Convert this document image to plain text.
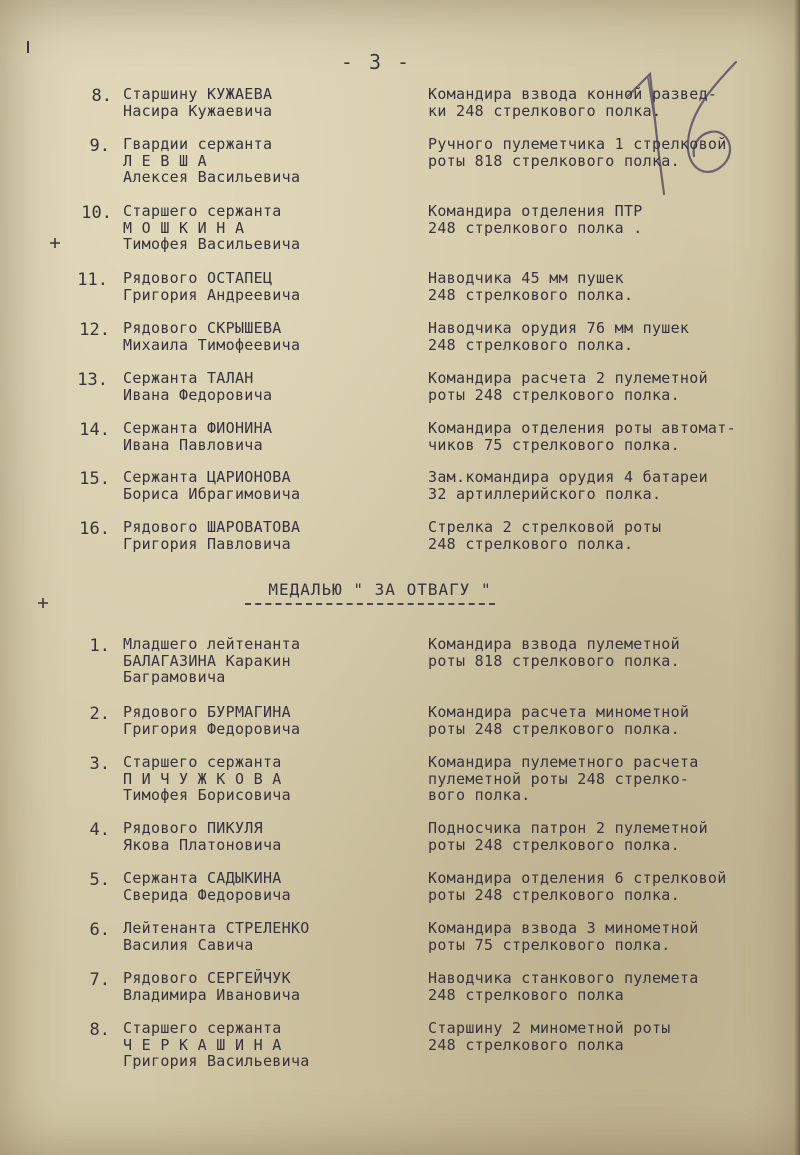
- 3 -
8. Старшину КУЖАЕВА
Насира Кужаевича
Командира взвода конной развед-
ки 248 стрелкового полка.
9. Гвардии сержанта
Л Е В Ш А
Алексея Васильевича
Ручного пулеметчика 1 стрелковой
роты 818 стрелкового полка.
10. Старшего сержанта
М О Ш К И Н А
Тимофея Васильевича
Командира отделения ПТР
248 стрелкового полка .
11. Рядового ОСТАПЕЦ
Григория Андреевича
Наводчика 45 мм пушек
248 стрелкового полка.
12. Рядового СКРЫШЕВА
Михаила Тимофеевича
Наводчика орудия 76 мм пушек
248 стрелкового полка.
13. Сержанта ТАЛАН
Ивана Федоровича
Командира расчета 2 пулеметной
роты 248 стрелкового полка.
14. Сержанта ФИОНИНА
Ивана Павловича
Командира отделения роты автомат-
чиков 75 стрелкового полка.
15. Сержанта ЦАРИОНОВА
Бориса Ибрагимовича
Зам.командира орудия 4 батареи
32 артиллерийского полка.
16. Рядового ШАРОВАТОВА
Григория Павловича
Стрелка 2 стрелковой роты
248 стрелкового полка.
МЕДАЛЬЮ " ЗА ОТВАГУ "
1. Младшего лейтенанта
БАЛАГАЗИНА Каракин
Баграмовича
Командира взвода пулеметной
роты 818 стрелкового полка.
2. Рядового БУРМАГИНА
Григория Федоровича
Командира расчета минометной
роты 248 стрелкового полка.
3. Старшего сержанта
П И Ч У Ж К О В А
Тимофея Борисовича
Командира пулеметного расчета
пулеметной роты 248 стрелко-
вого полка.
4. Рядового ПИКУЛЯ
Якова Платоновича
Подносчика патрон 2 пулеметной
роты 248 стрелкового полка.
5. Сержанта САДЫКИНА
Сверида Федоровича
Командира отделения 6 стрелковой
роты 248 стрелкового полка.
6. Лейтенанта СТРЕЛЕНКО
Василия Савича
Командира взвода 3 минометной
роты 75 стрелкового полка.
7. Рядового СЕРГЕЙЧУК
Владимира Ивановича
Наводчика станкового пулемета
248 стрелкового полка
8. Старшего сержанта
Ч Е Р К А Ш И Н А
Григория Васильевича
Старшину 2 минометной роты
248 стрелкового полка
